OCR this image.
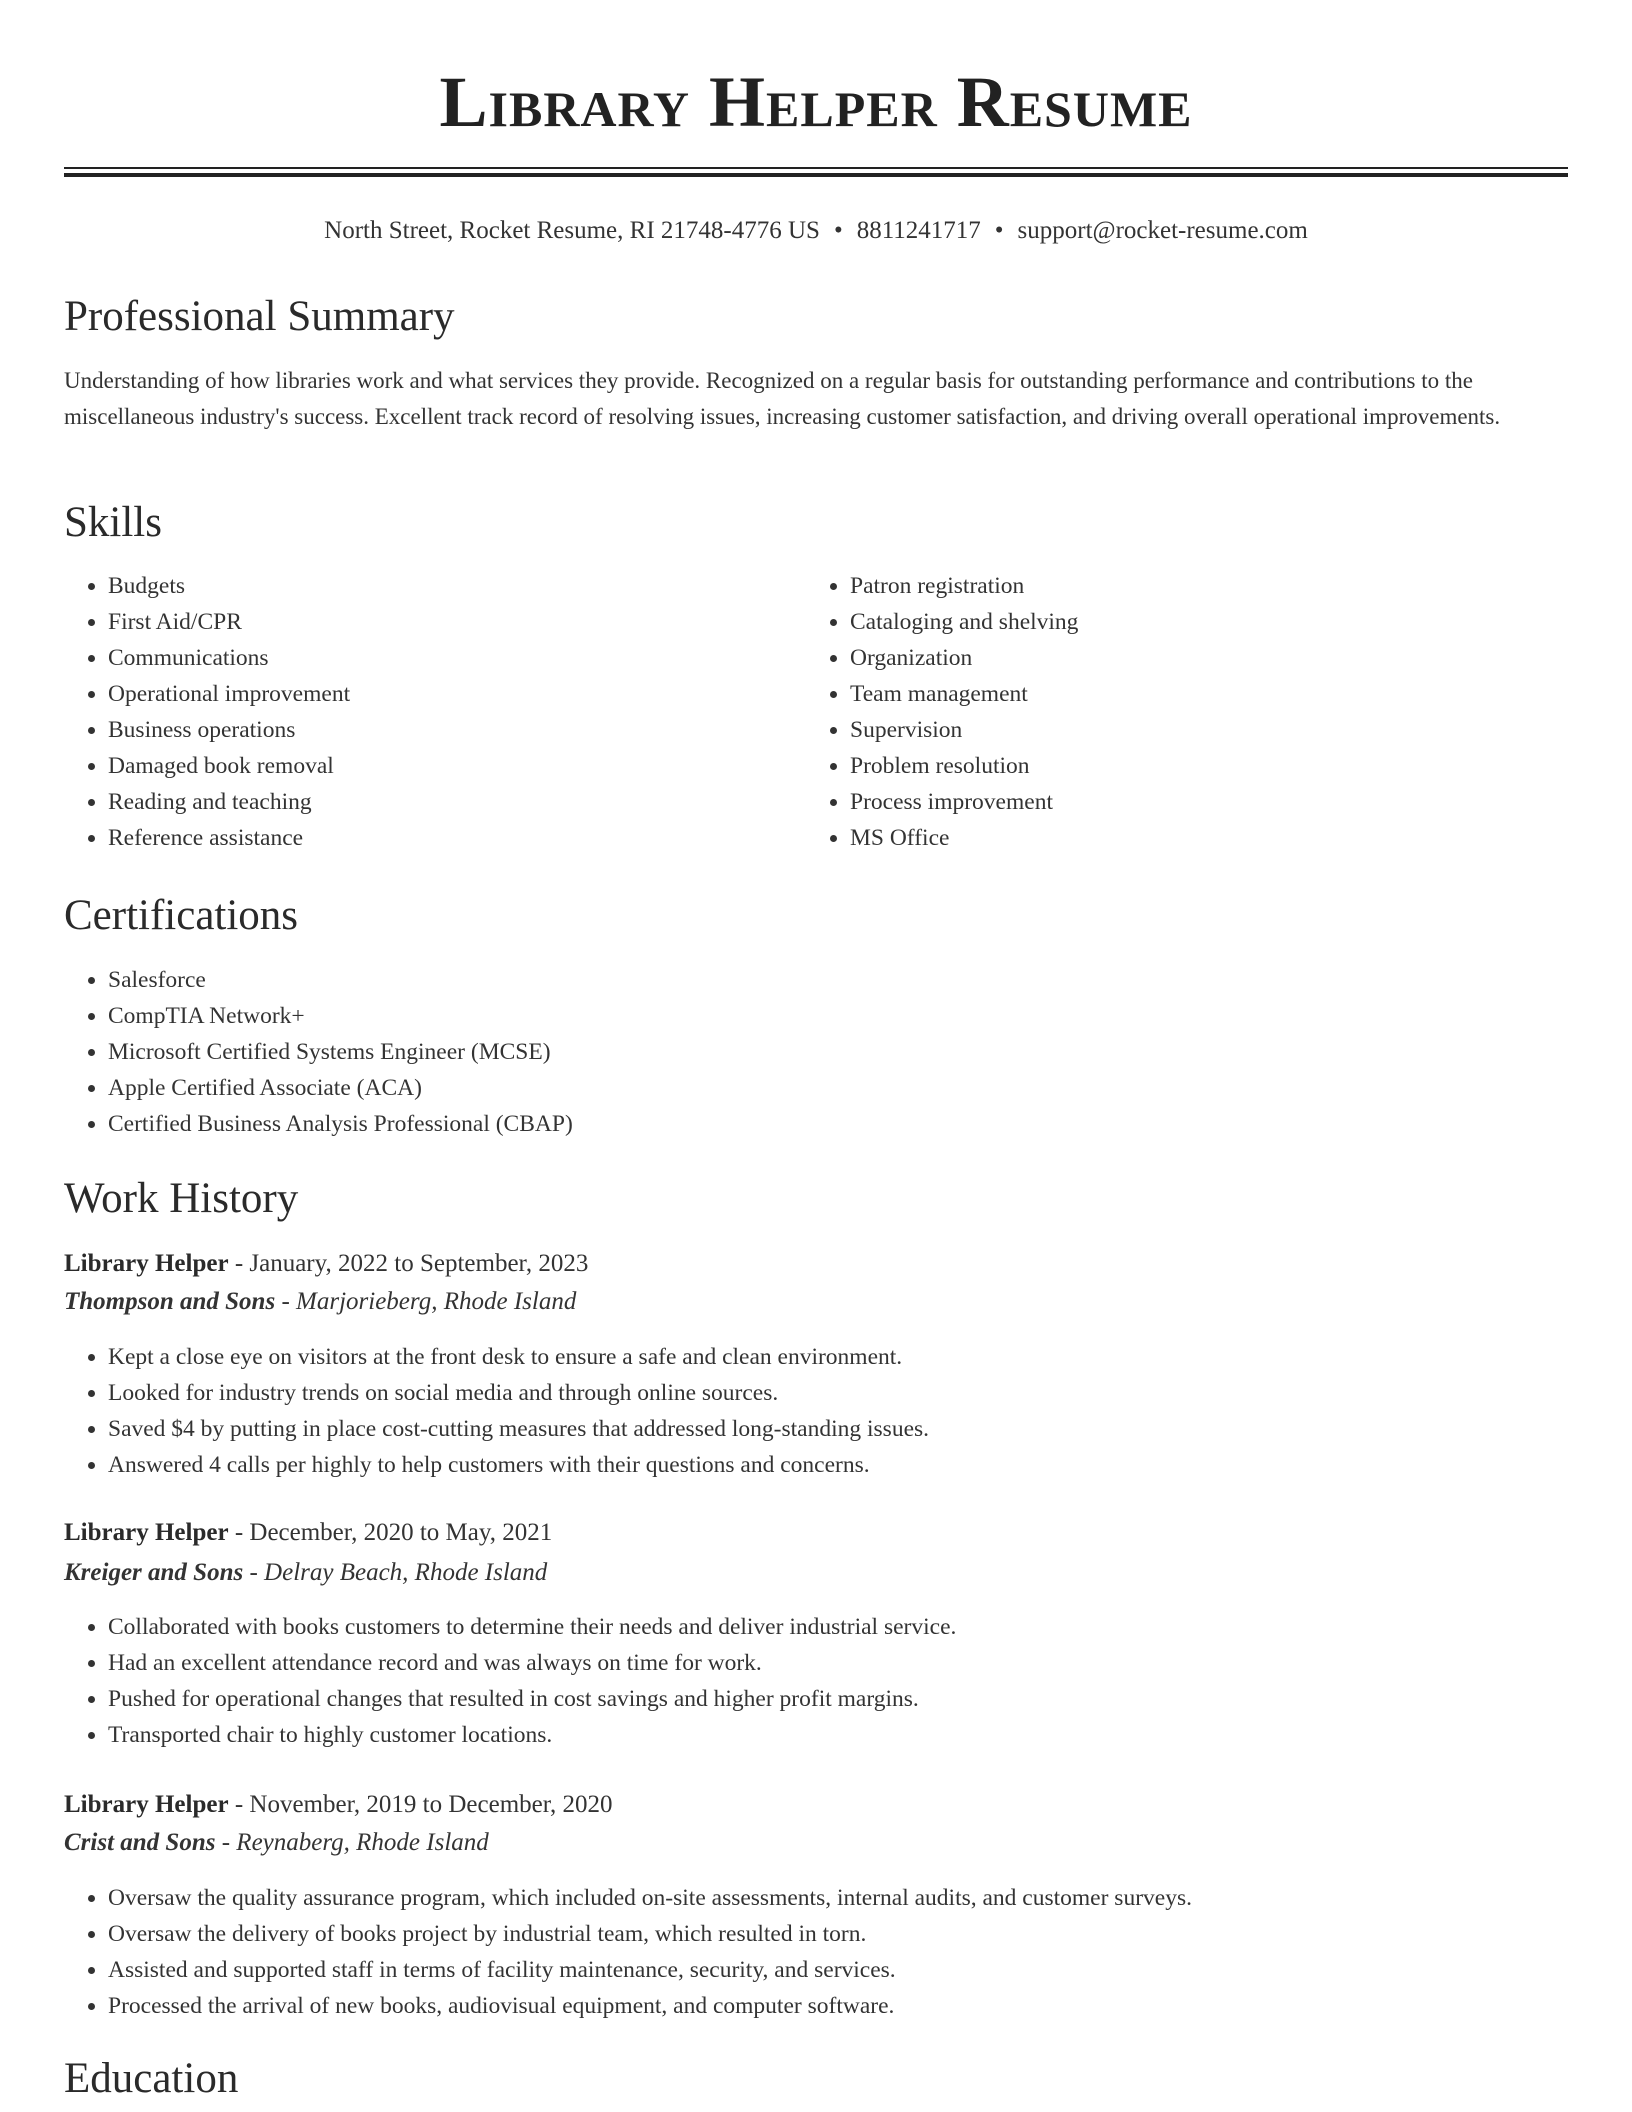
Library Helper Resume
North Street, Rocket Resume, RI 21748-4776 US • 8811241717 • support@rocket-resume.com
Professional Summary

Understanding of how libraries work and what services they provide. Recognized on a regular basis for outstanding performance and contributions to the miscellaneous industry's success. Excellent track record of resolving issues, increasing customer satisfaction, and driving overall operational improvements.

Skills
• Budgets
• First Aid/CPR
• Communications
• Operational improvement
• Business operations
• Damaged book removal
• Reading and teaching
• Reference assistance
• Patron registration
• Cataloging and shelving
• Organization
• Team management
• Supervision
• Problem resolution
• Process improvement
• MS Office
Certifications
• Salesforce
• CompTIA Network+
• Microsoft Certified Systems Engineer (MCSE)
• Apple Certified Associate (ACA)
• Certified Business Analysis Professional (CBAP)
Work History
Library Helper - January, 2022 to September, 2023
Thompson and Sons - Marjorieberg, Rhode Island
• Kept a close eye on visitors at the front desk to ensure a safe and clean environment.
• Looked for industry trends on social media and through online sources.
• Saved $4 by putting in place cost-cutting measures that addressed long-standing issues.
• Answered 4 calls per highly to help customers with their questions and concerns.
Library Helper - December, 2020 to May, 2021
Kreiger and Sons - Delray Beach, Rhode Island
• Collaborated with books customers to determine their needs and deliver industrial service.
• Had an excellent attendance record and was always on time for work.
• Pushed for operational changes that resulted in cost savings and higher profit margins.
• Transported chair to highly customer locations.
Library Helper - November, 2019 to December, 2020
Crist and Sons - Reynaberg, Rhode Island
• Oversaw the quality assurance program, which included on-site assessments, internal audits, and customer surveys.
• Oversaw the delivery of books project by industrial team, which resulted in torn.
• Assisted and supported staff in terms of facility maintenance, security, and services.
• Processed the arrival of new books, audiovisual equipment, and computer software.
Education
